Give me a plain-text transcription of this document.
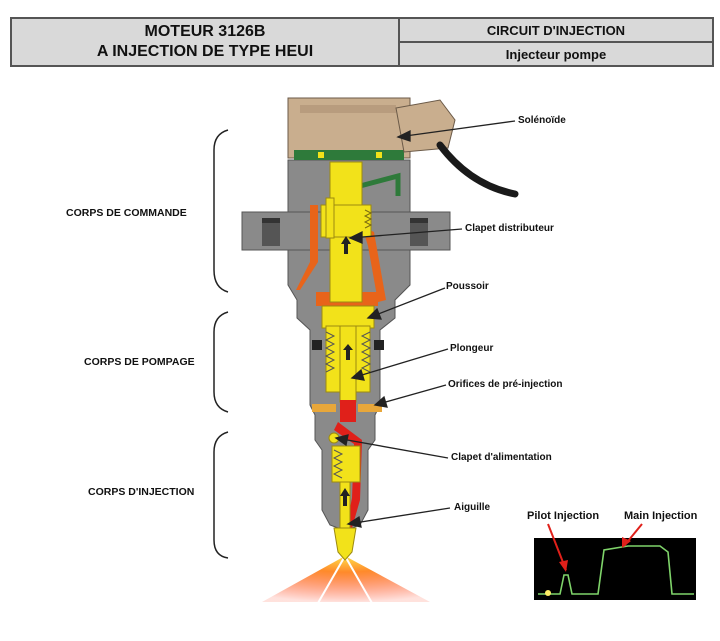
MOTEUR 3126B
A INJECTION DE TYPE HEUI
CIRCUIT D'INJECTION
Injecteur pompe
CORPS DE COMMANDE
CORPS DE POMPAGE
CORPS D'INJECTION
Solénoïde
Clapet distributeur
Poussoir
Plongeur
Orifices de pré-injection
Clapet d'alimentation
Aiguille
Pilot Injection Main Injection
